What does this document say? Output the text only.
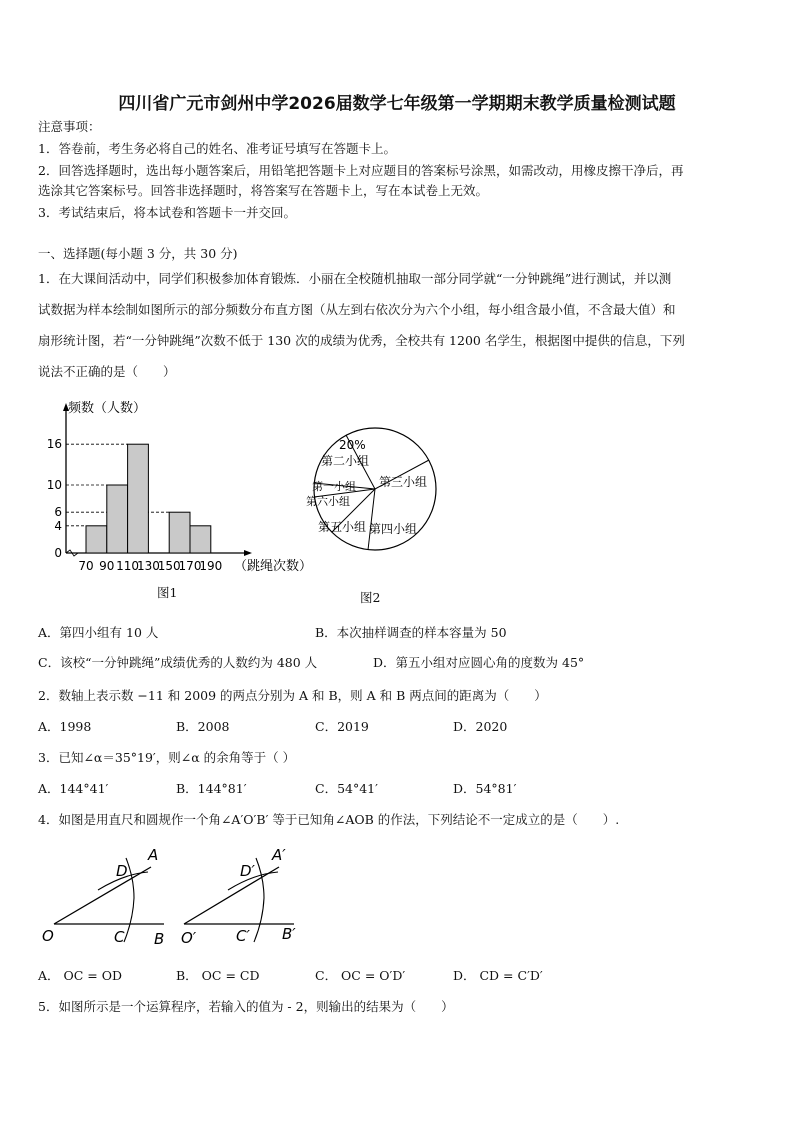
四川省广元市剑州中学2026届数学七年级第一学期期末教学质量检测试题
注意事项：
1．答卷前，考生务必将自己的姓名、准考证号填写在答题卡上。
2．回答选择题时，选出每小题答案后，用铅笔把答题卡上对应题目的答案标号涂黑，如需改动，用橡皮擦干净后，再
选涂其它答案标号。回答非选择题时，将答案写在答题卡上，写在本试卷上无效。
3．考试结束后，将本试卷和答题卡一并交回。
一、选择题(每小题 3 分，共 30 分)
1．在大课间活动中，同学们积极参加体育锻炼．小丽在全校随机抽取一部分同学就“一分钟跳绳”进行测试，并以测
试数据为样本绘制如图所示的部分频数分布直方图（从左到右依次分为六个小组，每小组含最小值，不含最大值）和
扇形统计图，若“一分钟跳绳”次数不低于 130 次的成绩为优秀，全校共有 1200 名学生，根据图中提供的信息，下列
说法不正确的是（　　）
频数（人数）
0
4
6
10
16
70 90 110
130
150
170
190 （跳绳次数）
图1
20%
第二小组
第三小组
第一小组
第六小组
第五小组 第四小组
图2
A．第四小组有 10 人	B．本次抽样调查的样本容量为 50
C．该校“一分钟跳绳”成绩优秀的人数约为 480 人	D．第五小组对应圆心角的度数为 45°
2．数轴上表示数 −11 和 2009 的两点分别为 A 和 B，则 A 和 B 两点间的距离为（　　）
A．1998	B．2008	C．2019	D．2020
3．已知∠α＝35°19′，则∠α 的余角等于（ ）
A．144°41′	B．144°81′	C．54°41′	D．54°81′
4．如图是用直尺和圆规作一个角∠A′O′B′ 等于已知角∠AOB 的作法，下列结论不一定成立的是（　　）.
O	C B
D
A
O′	C′ B′
D′
A′
A． OC = OD	B． OC = CD	C． OC = O′D′	D． CD = C′D′
5．如图所示是一个运算程序，若输入的值为 - 2，则输出的结果为（　　）
